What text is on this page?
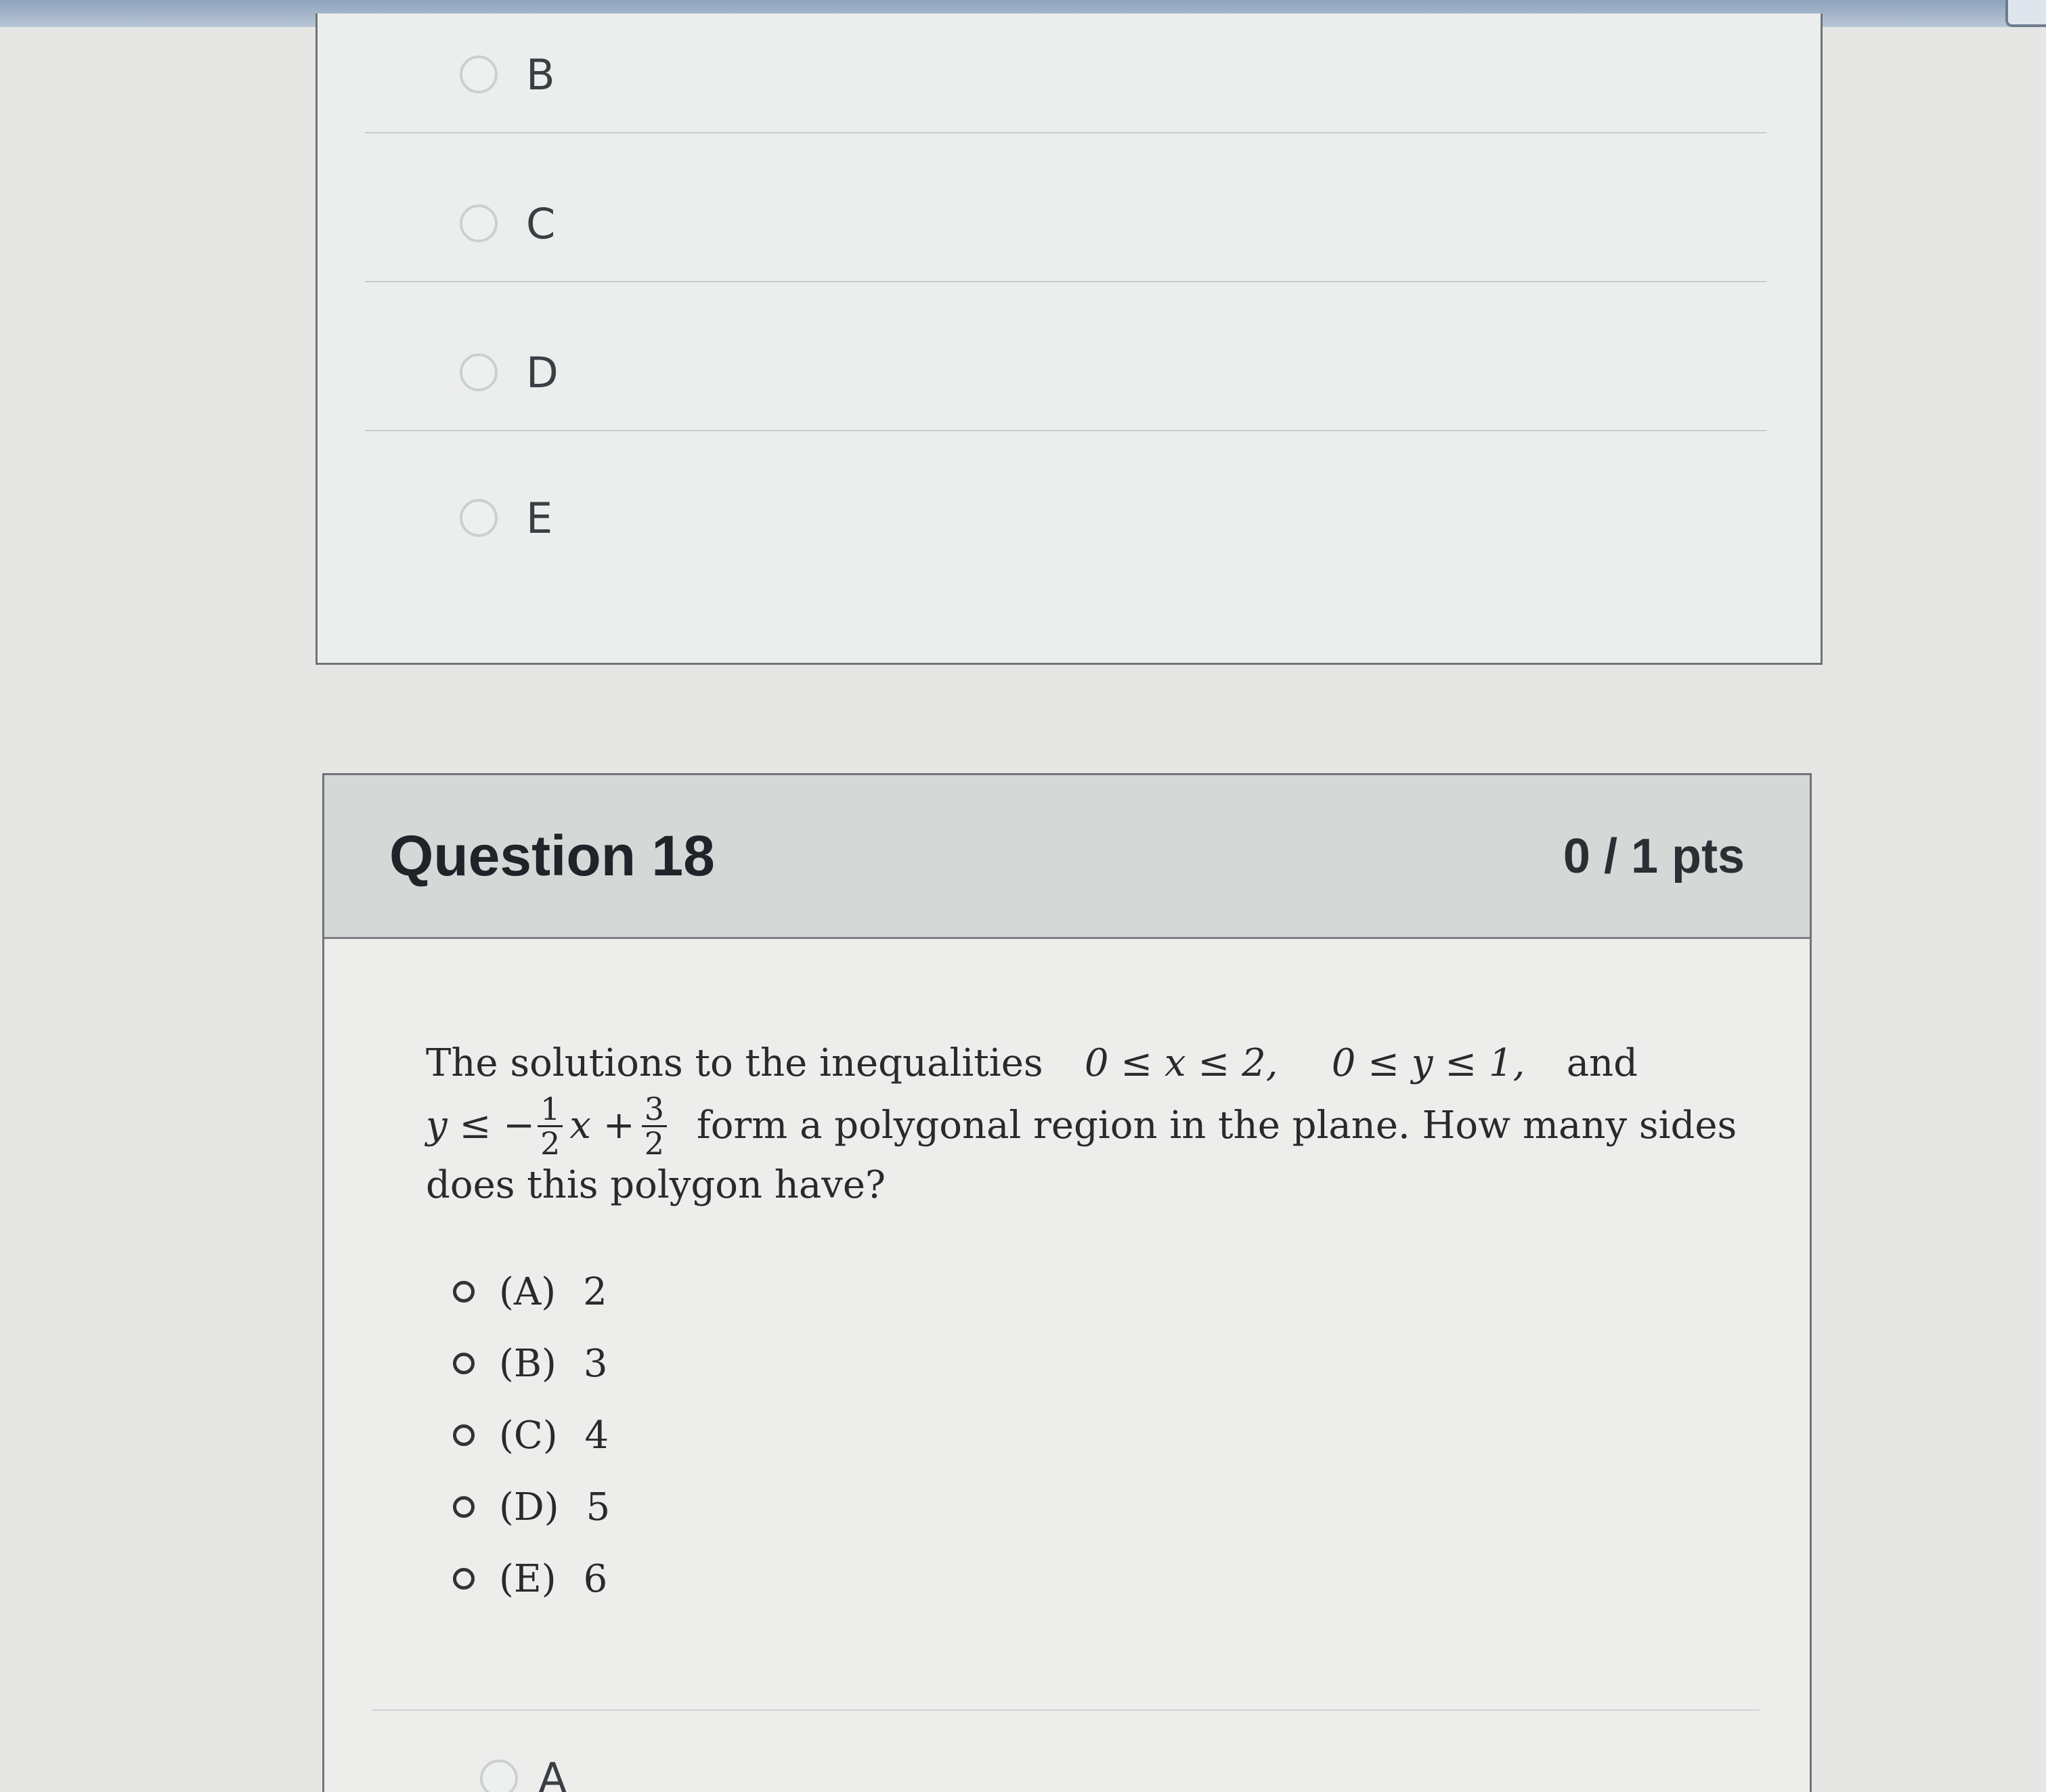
B
C
D
E
Question 18	0 / 1 pts
The solutions to the inequalities 0 ≤ x ≤ 2, 0 ≤ y ≤ 1, and
y ≤ − $\frac{1}{2}$ $x + \frac{3}{2}$ form a polygonal region in the plane. How many sides
does this polygon have?
(A) 2
(B) 3
(C) 4
(D) 5
(E) 6
A
